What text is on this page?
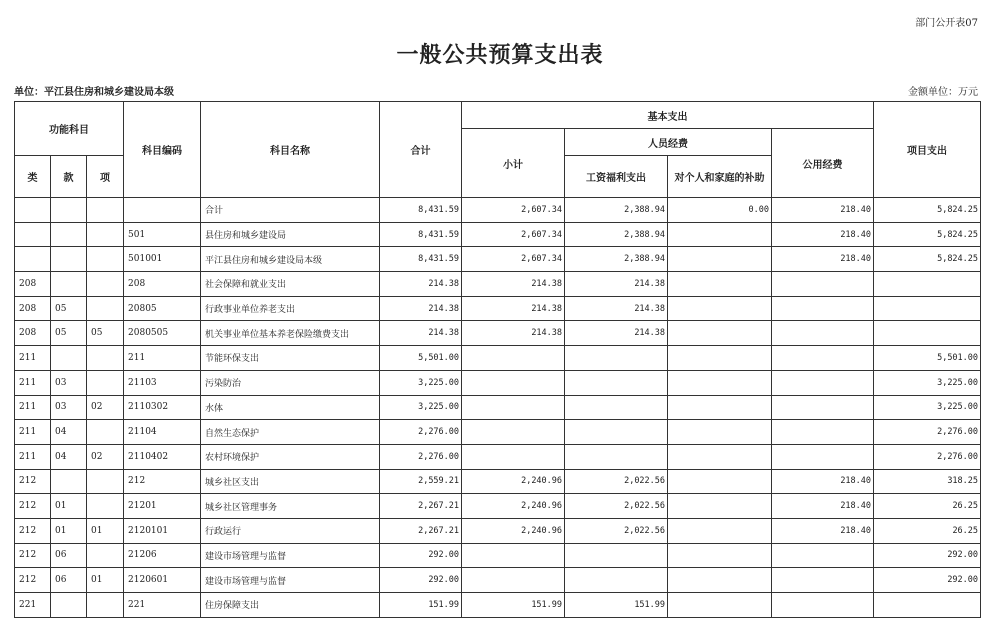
部门公开表07
一般公共预算支出表
单位：平江县住房和城乡建设局本级	金额单位：万元
功能科目			科目编码	科目名称	合计	基本支出				项目支出
						小计	人员经费		公用经费	
类	款	项					工资福利支出	对个人和家庭的补助		

				合计	8,431.59	2,607.34	2,388.94	0.00	218.40	5,824.25
			501	县住房和城乡建设局	8,431.59	2,607.34	2,388.94		218.40	5,824.25
			501001	平江县住房和城乡建设局本级	8,431.59	2,607.34	2,388.94		218.40	5,824.25
208			208	社会保障和就业支出	214.38	214.38	214.38			
208	05		20805	行政事业单位养老支出	214.38	214.38	214.38			
208	05	05	2080505	机关事业单位基本养老保险缴费支出	214.38	214.38	214.38			
211			211	节能环保支出	5,501.00					5,501.00
211	03		21103	污染防治	3,225.00					3,225.00
211	03	02	2110302	水体	3,225.00					3,225.00
211	04		21104	自然生态保护	2,276.00					2,276.00
211	04	02	2110402	农村环境保护	2,276.00					2,276.00
212			212	城乡社区支出	2,559.21	2,240.96	2,022.56		218.40	318.25
212	01		21201	城乡社区管理事务	2,267.21	2,240.96	2,022.56		218.40	26.25
212	01	01	2120101	行政运行	2,267.21	2,240.96	2,022.56		218.40	26.25
212	06		21206	建设市场管理与监督	292.00					292.00
212	06	01	2120601	建设市场管理与监督	292.00					292.00
221			221	住房保障支出	151.99	151.99	151.99			
